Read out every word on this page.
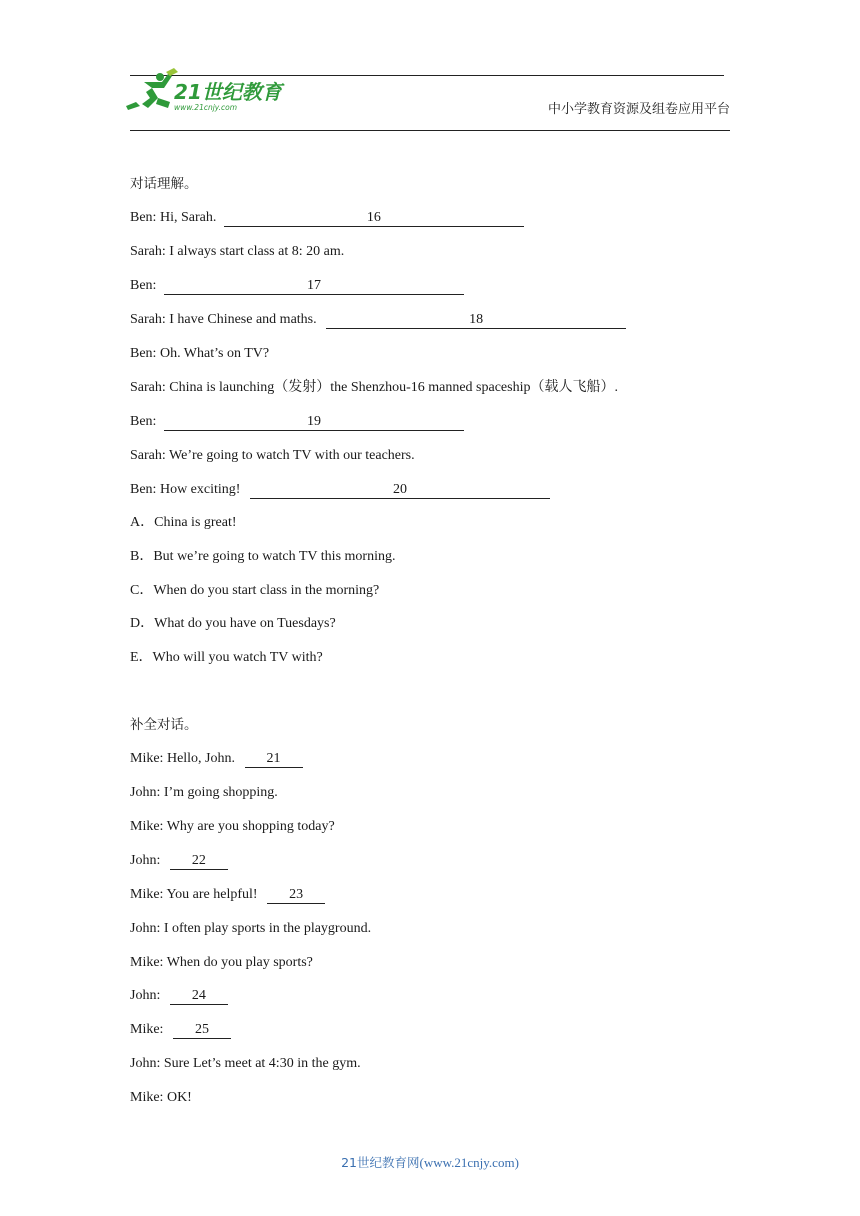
21世纪教育
www.21cnjy.com	中小学教育资源及组卷应用平台
对话理解。
Ben: Hi, Sarah.	16
Sarah: I always start class at 8: 20 am.
Ben:	17
Sarah: I have Chinese and maths.	18
Ben: Oh. What’s on TV?
Sarah: China is launching（发射）the Shenzhou-16 manned spaceship（载人飞船）.
Ben:	19
Sarah: We’re going to watch TV with our teachers.
Ben: How exciting!	20
A．China is great!
B．But we’re going to watch TV this morning.
C．When do you start class in the morning?
D．What do you have on Tuesdays?
E．Who will you watch TV with?
补全对话。
Mike: Hello, John. 21
John: I’m going shopping.
Mike: Why are you shopping today?
John: 22
Mike: You are helpful! 23
John: I often play sports in the playground.
Mike: When do you play sports?
John: 24
Mike: 25
John: Sure Let’s meet at 4:30 in the gym.
Mike: OK!
21世纪教育网(www.21cnjy.com)
